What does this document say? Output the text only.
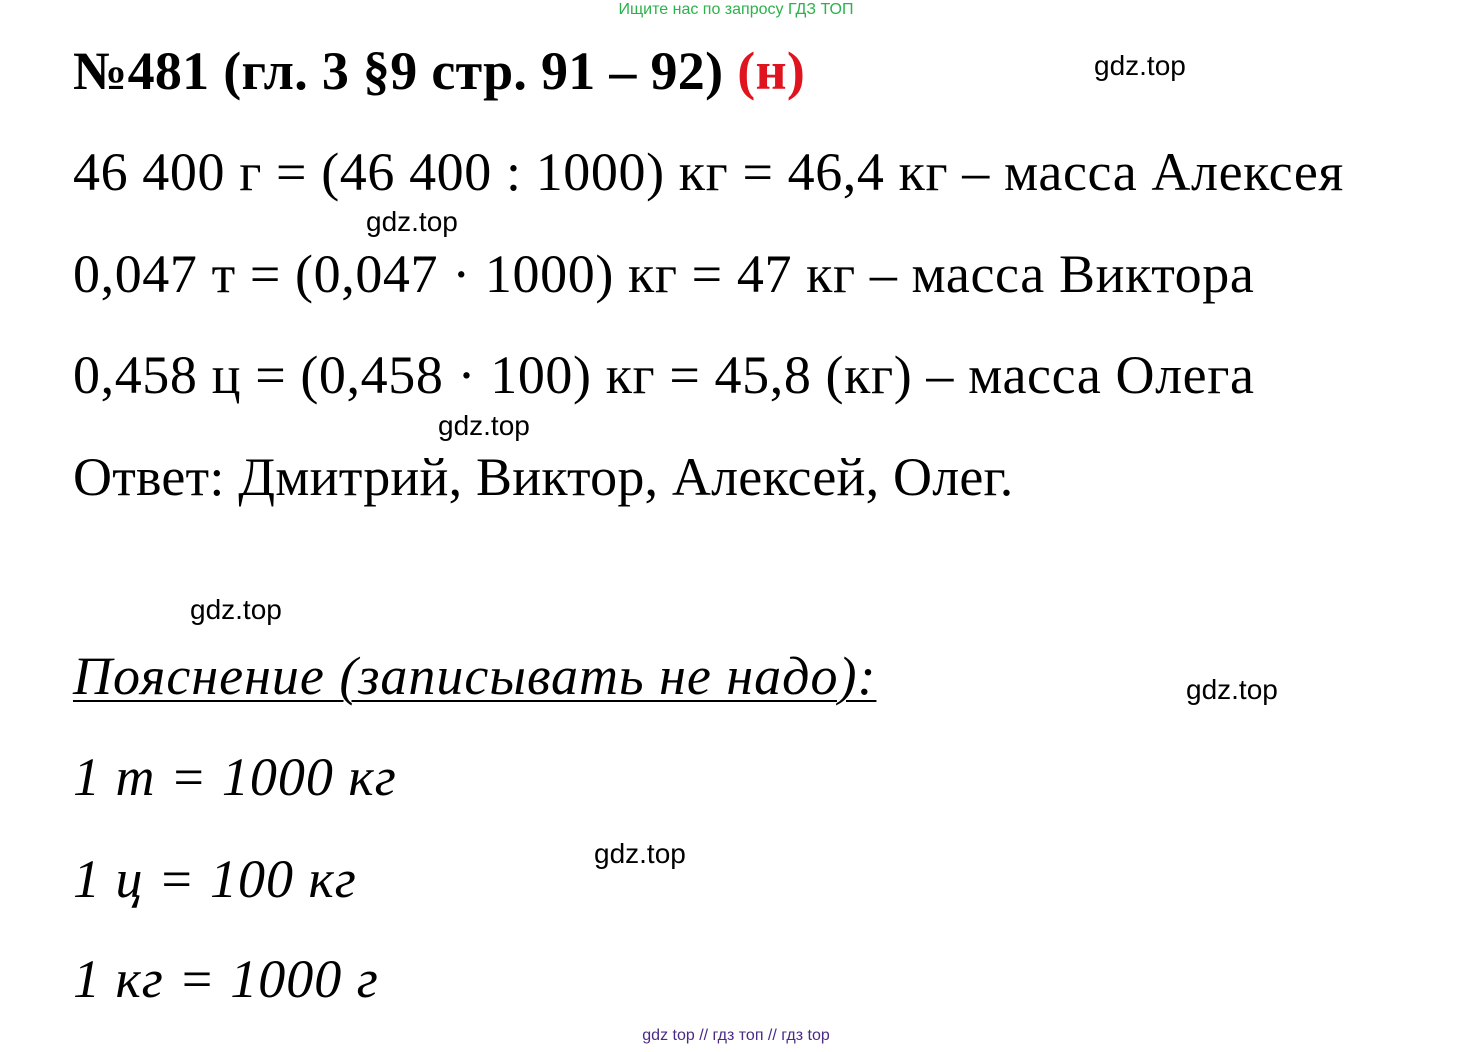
Ищите нас по запросу ГДЗ ТОП
№481 (гл. 3 §9 стр. 91 – 92) (н)	gdz.top
46 400 г = (46 400 : 1000) кг = 46,4 кг – масса Алексея
gdz.top
0,047 т = (0,047 · 1000) кг = 47 кг – масса Виктора
0,458 ц = (0,458 · 100) кг = 45,8 (кг) – масса Олега
gdz.top
Ответ: Дмитрий, Виктор, Алексей, Олег.
gdz.top
Пояснение (записывать не надо):	gdz.top
1 т = 1000 кг
gdz.top
1 ц = 100 кг
1 кг = 1000 г
gdz top // гдз топ // гдз top
